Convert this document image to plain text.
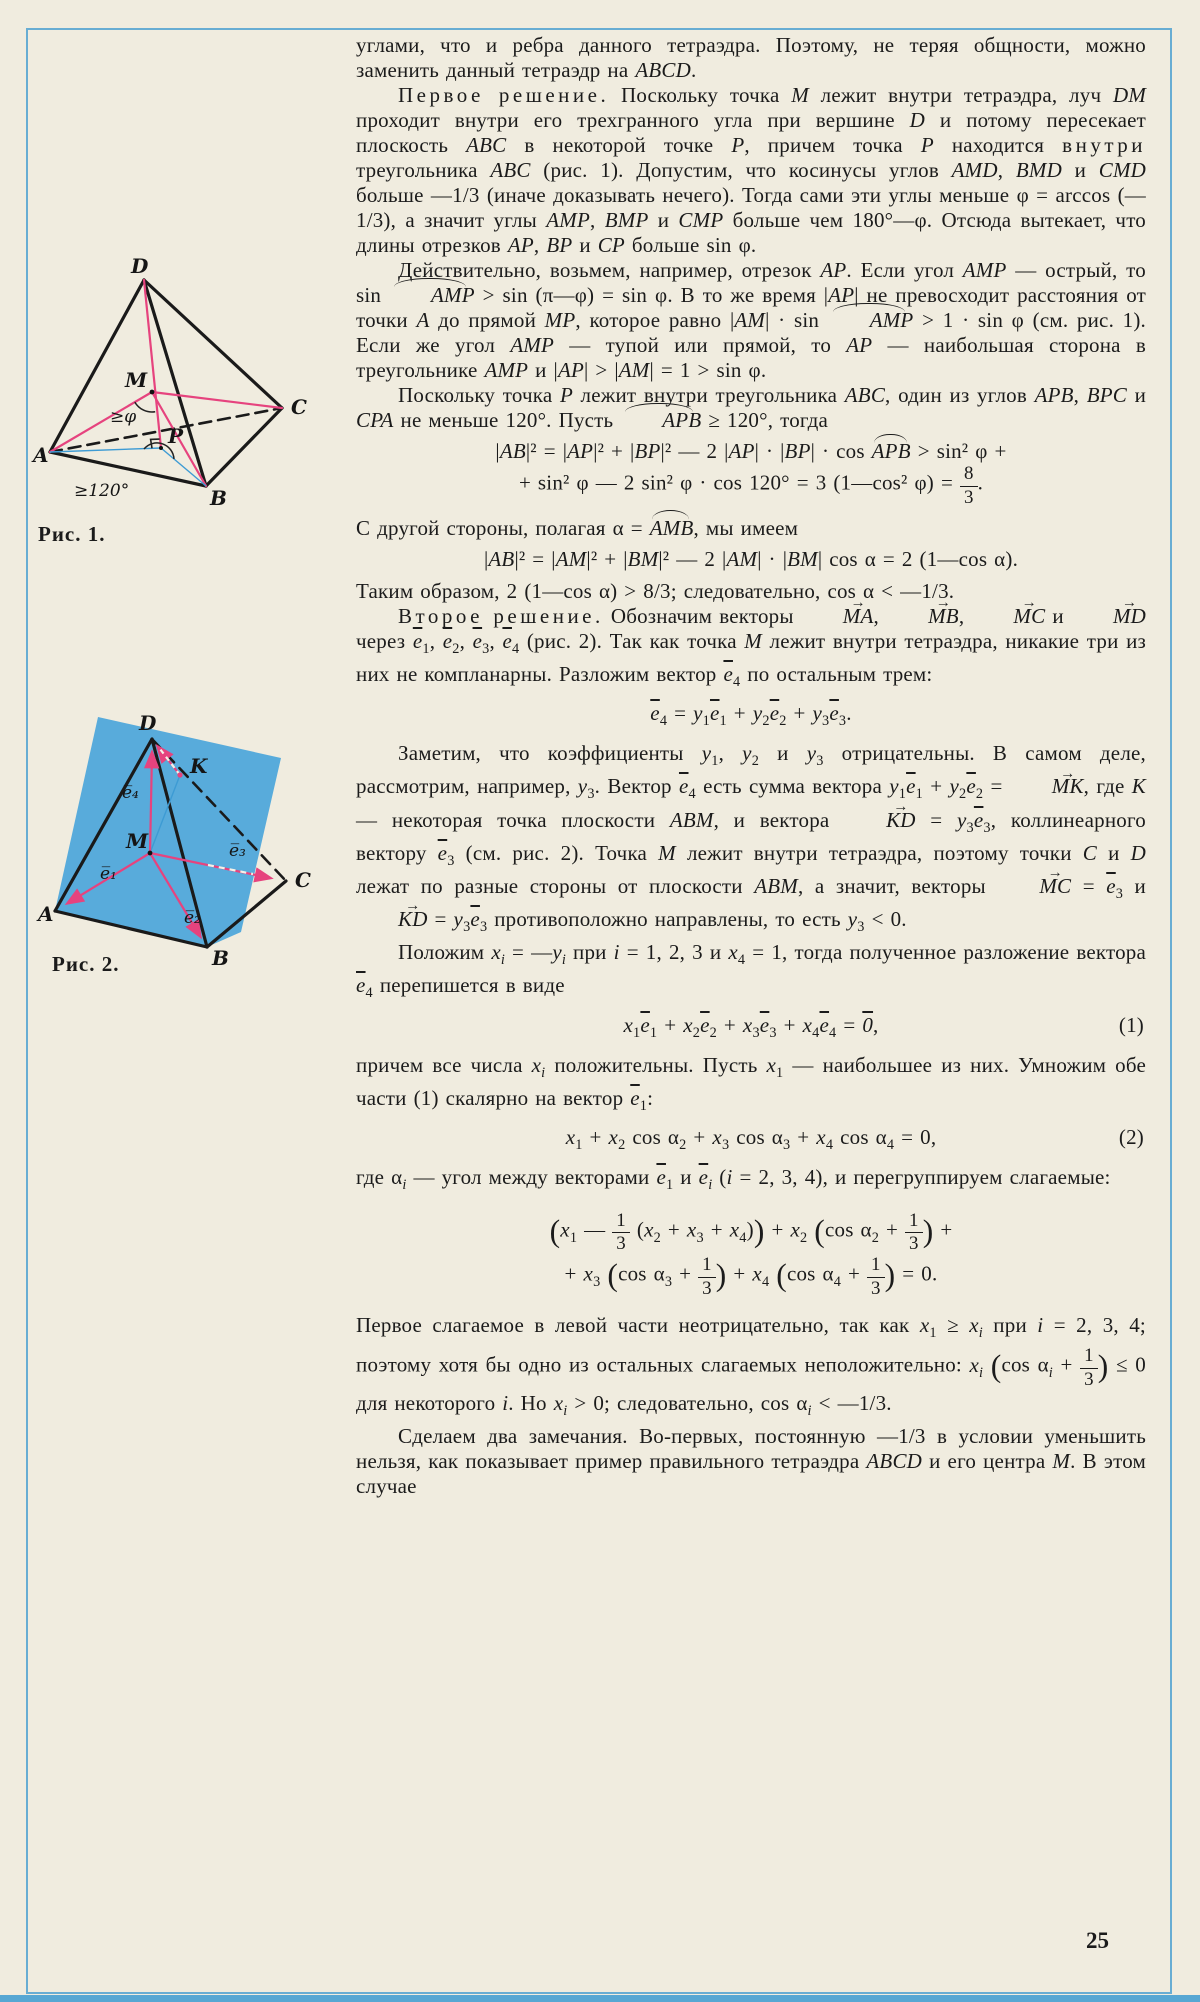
D
A
B
C
M
P
≥φ
≥120°
Рис. 1.
D
K
A
B
C
M
e̅₁
e̅₂
e̅₃
e̅₄
Рис. 2.
углами, что и ребра данного тетраэдра. Поэтому, не теряя общности, можно заменить данный тетраэдр на ABCD.
Первое решение. Поскольку точка M лежит внутри тетраэдра, луч DM проходит внутри его трехгранного угла при вершине D и потому пересекает плоскость ABC в некоторой точке P, причем точка P находится внутри треугольника ABC (рис. 1). Допустим, что косинусы углов AMD, BMD и CMD больше —1/3 (иначе доказывать нечего). Тогда сами эти углы меньше φ = arccos (—1/3), а значит углы AMP, BMP и CMP больше чем 180°—φ. Отсюда вытекает, что длины отрезков AP, BP и CP больше sin φ.
Действительно, возьмем, например, отрезок AP. Если угол AMP — острый, то sin AMP > sin (π—φ) = sin φ. В то же время |AP| не превосходит расстояния от точки A до прямой MP, которое равно |AM| · sin AMP > 1 · sin φ (см. рис. 1). Если же угол AMP — тупой или прямой, то AP — наибольшая сторона в треугольнике AMP и |AP| > |AM| = 1 > sin φ.
Поскольку точка P лежит внутри треугольника ABC, один из углов APB, BPC и CPA не меньше 120°. Пусть APB ≥ 120°, тогда
|AB|² = |AP|² + |BP|² — 2 |AP| · |BP| · cos APB > sin² φ +
+ sin² φ — 2 sin² φ · cos 120° = 3 (1—cos² $\varphi) = \frac{8}{3}$ .
С другой стороны, полагая α = AMB, мы имеем
|AB|² = |AM|² + |BM|² — 2 |AM| · |BM| cos α = 2 (1—cos α).
Таким образом, 2 (1—cos α) > 8/3; следовательно, cos α < —1/3.
Второе решение. Обозначим векторы MA →, MB →, MC → и MD → через $\overline{e}_1$, $\overline{e}_2$, $\overline{e}_3$, $\overline{e}_4$ (рис. 2). Так как точка M лежит внутри тетраэдра, никакие три из них не компланарны. Разложим вектор $\overline{e}_4$ по остальным трем:
$\overline{e}_4 = y_1\overline{e}_1 + y_2\overline{e}_2 + y_3\overline{e}_3$.
Заметим, что коэффициенты $y_1$, $y_2$ и $y_3$ отрицательны. В самом деле, рассмотрим, например, $y_3$. Вектор $\overline{e}_4$ есть сумма вектора $y_1\overline{e}_1 + y_2\overline{e}_2$ = MK →, где K — некоторая точка плоскости ABM, и вектора KD → = $y_3\overline{e}_3$, коллинеарного вектору $\overline{e}_3$ (см. рис. 2). Точка M лежит внутри тетраэдра, поэтому точки C и D лежат по разные стороны от плоскости ABM, а значит, векторы MC → = $\overline{e}_3$ и KD → = $y_3\overline{e}_3$ противоположно направлены, то есть $y_3 < 0$.
Положим $x_i$ = $—y_i$ при i = 1, 2, 3 и $x_4 = 1$, тогда полученное разложение вектора $\overline{e}_4$ перепишется в виде
$x_1\overline{e}_1 + x_2\overline{e}_2 + x_3\overline{e}_3 + x_4\overline{e}_4 = 0$,	(1)
причем все числа $x_i$ положительны. Пусть $x_1$ — наибольшее из них. Умножим обе части (1) скалярно на вектор $\overline{e}_1$:
$x_1 + x_2$ $\cos \alpha_2 + x_3$ $\cos \alpha_3 + x_4$ $\cos \alpha_4 = 0$,	(2)
где $\alpha_i$ — угол между векторами $\overline{e}_1$ и $\overline{e}_i$ (i = 2, 3, 4), и перегруппируем слагаемые:
($x_1$ — $\frac{1}{3} (x_2 + x_3 + x_4)) + x_2$ (cos $\alpha_2 + \frac{1}{3}$ ) +
+ $x_3$ (cos $\alpha_3 + \frac{1}{3}$ ) + $x_4$ (cos $\alpha_4 + \frac{1}{3}$ ) = 0.
Первое слагаемое в левой части неотрицательно, так как $x_1 \ge x_i$ при i = 2, 3, 4; поэтому хотя бы одно из остальных слагаемых неположительно: $x_i$ (cos $\alpha_i + \frac{1}{3}$ ) ≤ 0 для некоторого i. Но $x_i > 0$; следовательно, $\cos \alpha_i$ < —1/3.
Сделаем два замечания. Во-первых, постоянную —1/3 в условии уменьшить нельзя, как показывает пример правильного тетраэдра ABCD и его центра M. В этом случае
25
